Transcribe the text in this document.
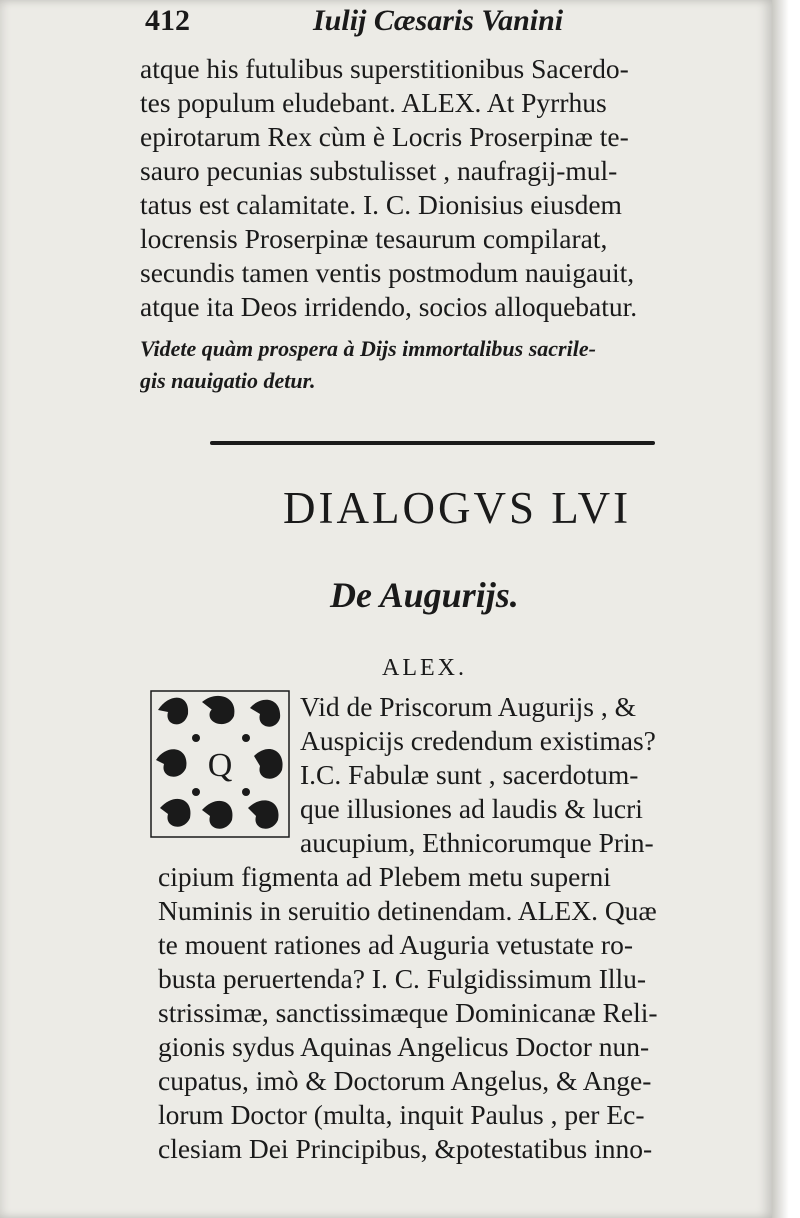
412	Iulij Cæsaris Vanini
atque his futulibus superstitionibus Sacerdo-
tes populum eludebant. ALEX. At Pyrrhus
epirotarum Rex cùm è Locris Proserpinæ te-
sauro pecunias substulisset , naufragij-mul-
tatus est calamitate. I. C. Dionisius eiusdem
locrensis Proserpinæ tesaurum compilarat,
secundis tamen ventis postmodum nauigauit,
atque ita Deos irridendo, socios alloquebatur.
Videte quàm prospera à Dijs immortalibus sacrile-
gis nauigatio detur.
DIALOGVS LVI
De Augurijs.
ALEX.
Q
Vid de Priscorum Augurijs , &
Auspicijs credendum existimas?
I.C. Fabulæ sunt , sacerdotum-
que illusiones ad laudis & lucri
aucupium, Ethnicorumque Prin-
cipium figmenta ad Plebem metu superni
Numinis in seruitio detinendam. ALEX. Quæ
te mouent rationes ad Auguria vetustate ro-
busta peruertenda? I. C. Fulgidissimum Illu-
strissimæ, sanctissimæque Dominicanæ Reli-
gionis sydus Aquinas Angelicus Doctor nun-
cupatus, imò & Doctorum Angelus, & Ange-
lorum Doctor (multa, inquit Paulus , per Ec-
clesiam Dei Principibus, &potestatibus inno-
